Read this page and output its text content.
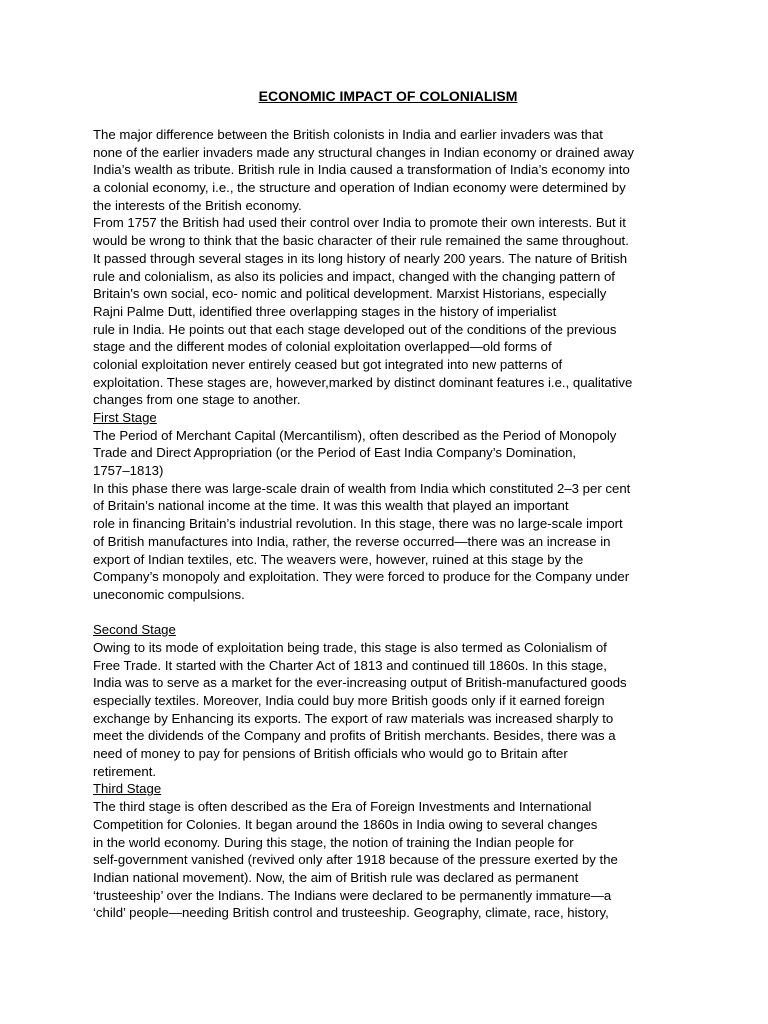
ECONOMIC IMPACT OF COLONIALISM
The major difference between the British colonists in India and earlier invaders was that
none of the earlier invaders made any structural changes in Indian economy or drained away
India’s wealth as tribute. British rule in India caused a transformation of India’s economy into
a colonial economy, i.e., the structure and operation of Indian economy were determined by
the interests of the British economy.
From 1757 the British had used their control over India to promote their own interests. But it
would be wrong to think that the basic character of their rule remained the same throughout.
It passed through several stages in its long history of nearly 200 years. The nature of British
rule and colonialism, as also its policies and impact, changed with the changing pattern of
Britain's own social, eco- nomic and political development. Marxist Historians, especially
Rajni Palme Dutt, identified three overlapping stages in the history of imperialist
rule in India. He points out that each stage developed out of the conditions of the previous
stage and the different modes of colonial exploitation overlapped—old forms of
colonial exploitation never entirely ceased but got integrated into new patterns of
exploitation. These stages are, however,marked by distinct dominant features i.e., qualitative
changes from one stage to another.
First Stage
The Period of Merchant Capital (Mercantilism), often described as the Period of Monopoly
Trade and Direct Appropriation (or the Period of East India Company’s Domination,
1757–1813)
In this phase there was large-scale drain of wealth from India which constituted 2–3 per cent
of Britain’s national income at the time. It was this wealth that played an important
role in financing Britain’s industrial revolution. In this stage, there was no large-scale import
of British manufactures into India, rather, the reverse occurred—there was an increase in
export of Indian textiles, etc. The weavers were, however, ruined at this stage by the
Company’s monopoly and exploitation. They were forced to produce for the Company under
uneconomic compulsions.
Second Stage
Owing to its mode of exploitation being trade, this stage is also termed as Colonialism of
Free Trade. It started with the Charter Act of 1813 and continued till 1860s. In this stage,
India was to serve as a market for the ever-increasing output of British-manufactured goods
especially textiles. Moreover, India could buy more British goods only if it earned foreign
exchange by Enhancing its exports. The export of raw materials was increased sharply to
meet the dividends of the Company and profits of British merchants. Besides, there was a
need of money to pay for pensions of British officials who would go to Britain after
retirement.
Third Stage
The third stage is often described as the Era of Foreign Investments and International
Competition for Colonies. It began around the 1860s in India owing to several changes
in the world economy. During this stage, the notion of training the Indian people for
self-government vanished (revived only after 1918 because of the pressure exerted by the
Indian national movement). Now, the aim of British rule was declared as permanent
‘trusteeship’ over the Indians. The Indians were declared to be permanently immature—a
‘child’ people—needing British control and trusteeship. Geography, climate, race, history,
